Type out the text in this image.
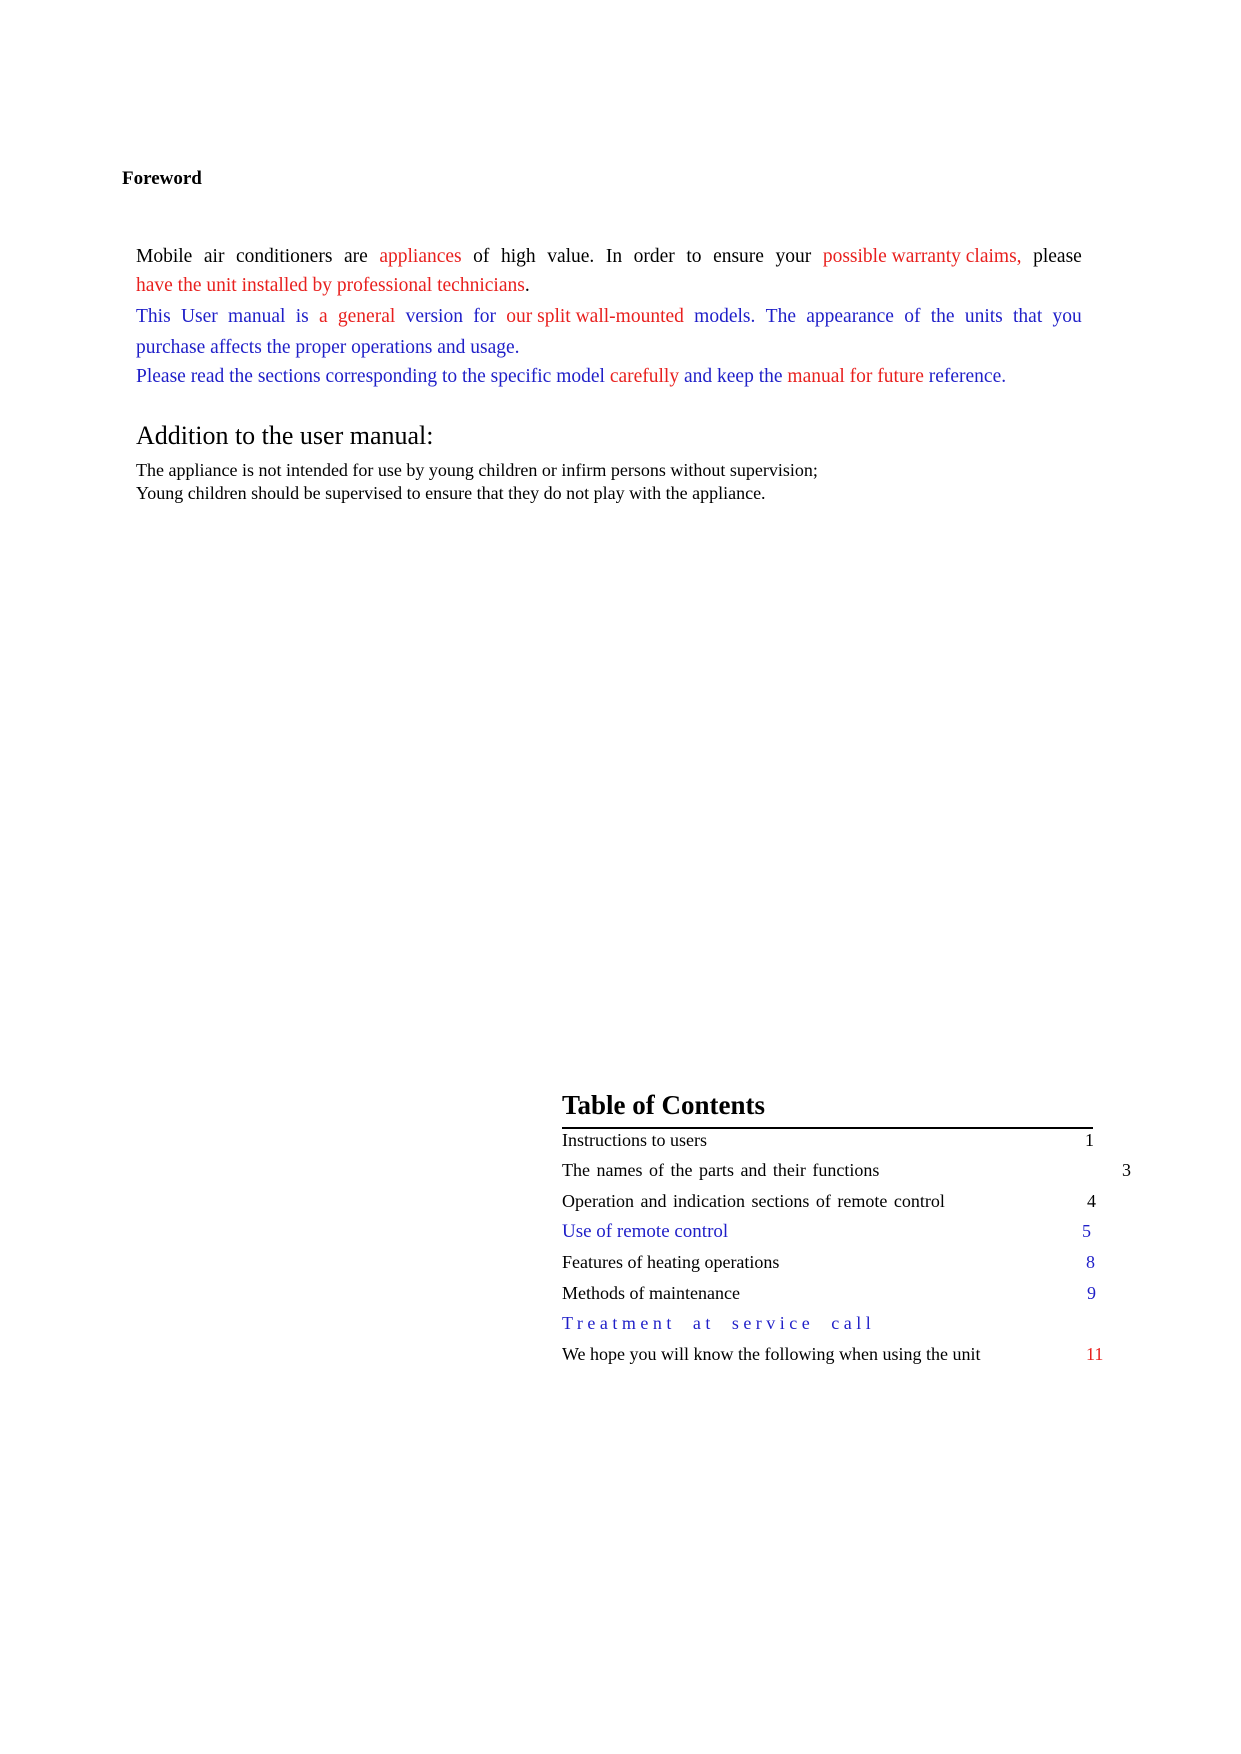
Foreword
Mobile air conditioners are appliances of high value. In order to ensure your possible warranty claims, please
have the unit installed by professional technicians.
This User manual is a general version for our split wall-mounted models. The appearance of the units that you
purchase affects the proper operations and usage.
Please read the sections corresponding to the specific model carefully and keep the manual for future reference.
Addition to the user manual:
The appliance is not intended for use by young children or infirm persons without supervision;
Young children should be supervised to ensure that they do not play with the appliance.
Table of Contents
Instructions to users	1
The names of the parts and their functions	3
Operation and indication sections of remote control	4
Use of remote control	5
Features of heating operations	8
Methods of maintenance	9
Treatment at service call
We hope you will know the following when using the unit	11
